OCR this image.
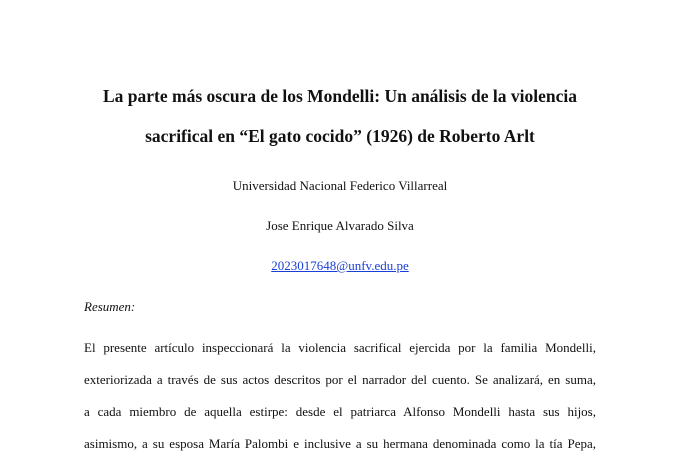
La parte más oscura de los Mondelli: Un análisis de la violencia

sacrifical en “El gato cocido” (1926) de Roberto Arlt

Universidad Nacional Federico Villarreal

Jose Enrique Alvarado Silva

2023017648@unfv.edu.pe

Resumen:

El presente artículo inspeccionará la violencia sacrifical ejercida por la familia Mondelli,

exteriorizada a través de sus actos descritos por el narrador del cuento. Se analizará, en suma,

a cada miembro de aquella estirpe: desde el patriarca Alfonso Mondelli hasta sus hijos,

asimismo, a su esposa María Palombi e inclusive a su hermana denominada como la tía Pepa,
